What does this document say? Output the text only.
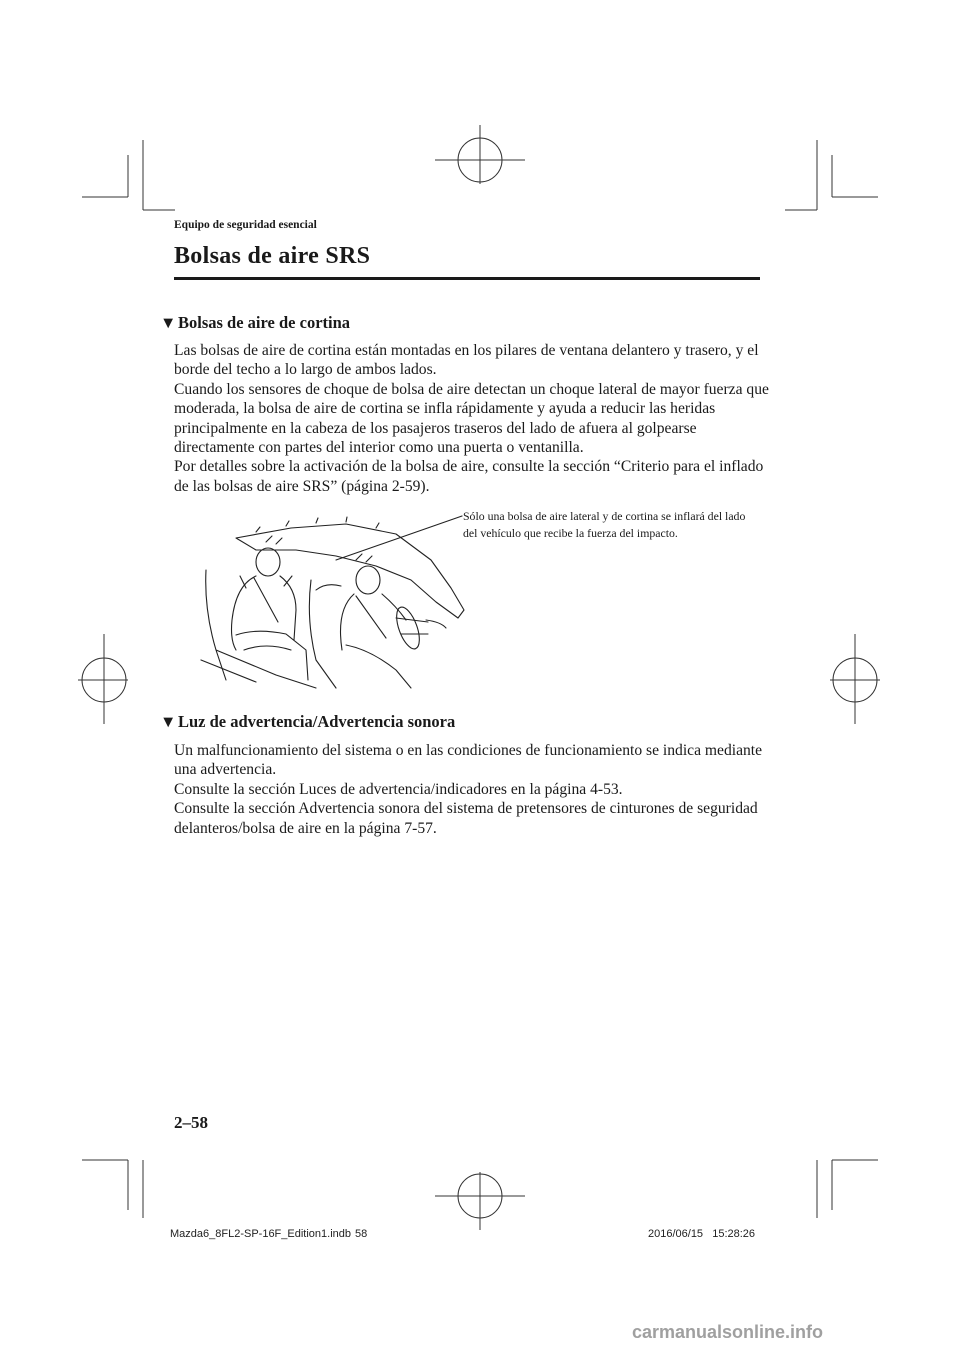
Equipo de seguridad esencial
Bolsas de aire SRS
▼ Bolsas de aire de cortina

Las bolsas de aire de cortina están montadas en los pilares de ventana delantero y trasero, y el borde del techo a lo largo de ambos lados.

Cuando los sensores de choque de bolsa de aire detectan un choque lateral de mayor fuerza que moderada, la bolsa de aire de cortina se infla rápidamente y ayuda a reducir las heridas principalmente en la cabeza de los pasajeros traseros del lado de afuera al golpearse directamente con partes del interior como una puerta o ventanilla.

Por detalles sobre la activación de la bolsa de aire, consulte la sección “Criterio para el inflado de las bolsas de aire SRS” (página 2-59).

Sólo una bolsa de aire lateral y de cortina se inflará del lado del vehículo que recibe la fuerza del impacto.
▼ Luz de advertencia/Advertencia sonora

Un malfuncionamiento del sistema o en las condiciones de funcionamiento se indica mediante una advertencia.

Consulte la sección Luces de advertencia/indicadores en la página 4-53.

Consulte la sección Advertencia sonora del sistema de pretensores de cinturones de seguridad delanteros/bolsa de aire en la página 7-57.

2–58
Mazda6_8FL2-SP-16F_Edition1.indb 58	2016/06/15   15:28:26
carmanualsonline.info
